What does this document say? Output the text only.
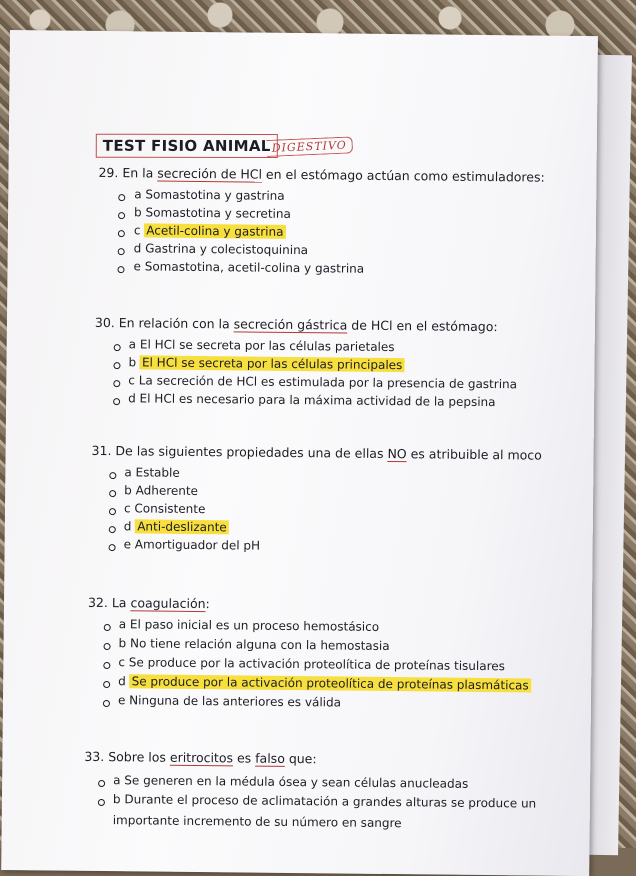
TEST FISIO ANIMAL DIGESTIVO
29. En la secreción de HCl en el estómago actúan como estimuladores:
a Somastotina y gastrina
b Somastotina y secretina
c Acetil-colina y gastrina
d Gastrina y colecistoquinina
e Somastotina, acetil-colina y gastrina
30. En relación con la secreción gástrica de HCl en el estómago:
a El HCl se secreta por las células parietales
b El HCl se secreta por las células principales
c La secreción de HCl es estimulada por la presencia de gastrina
d El HCl es necesario para la máxima actividad de la pepsina
31. De las siguientes propiedades una de ellas NO es atribuible al moco
a Estable
b Adherente
c Consistente
d Anti-deslizante
e Amortiguador del pH
32. La coagulación:
a El paso inicial es un proceso hemostásico
b No tiene relación alguna con la hemostasia
c Se produce por la activación proteolítica de proteínas tisulares
d Se produce por la activación proteolítica de proteínas plasmáticas
e Ninguna de las anteriores es válida
33. Sobre los eritrocitos es falso que:
a Se generen en la médula ósea y sean células anucleadas
b Durante el proceso de aclimatación a grandes alturas se produce un
importante incremento de su número en sangre
